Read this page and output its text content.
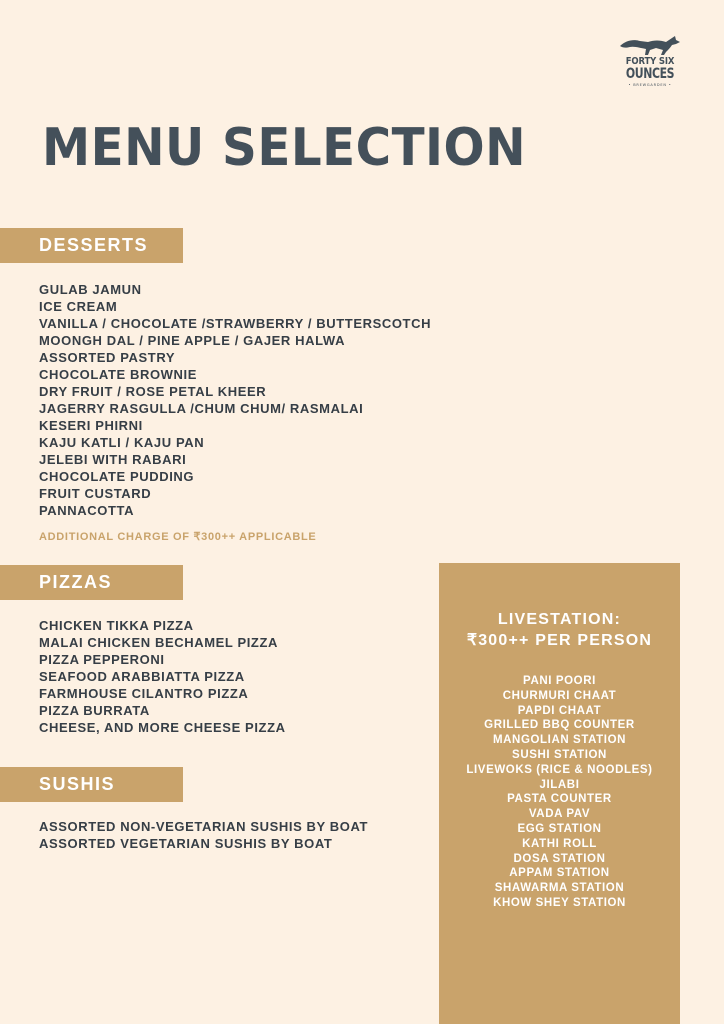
FORTY SIX
OUNCES
• BREWGARDEN •
MENU SELECTION
DESSERTS
GULAB JAMUN
ICE CREAM
VANILLA / CHOCOLATE /STRAWBERRY / BUTTERSCOTCH
MOONGH DAL / PINE APPLE / GAJER HALWA
ASSORTED PASTRY
CHOCOLATE BROWNIE
DRY FRUIT / ROSE PETAL KHEER
JAGERRY RASGULLA /CHUM CHUM/ RASMALAI
KESERI PHIRNI
KAJU KATLI / KAJU PAN
JELEBI WITH RABARI
CHOCOLATE PUDDING
FRUIT CUSTARD
PANNACOTTA
ADDITIONAL CHARGE OF ₹300++ APPLICABLE
PIZZAS
CHICKEN TIKKA PIZZA
MALAI CHICKEN BECHAMEL PIZZA
PIZZA PEPPERONI
SEAFOOD ARABBIATTA PIZZA
FARMHOUSE CILANTRO PIZZA
PIZZA BURRATA
CHEESE, AND MORE CHEESE PIZZA
SUSHIS
ASSORTED NON-VEGETARIAN SUSHIS BY BOAT
ASSORTED VEGETARIAN SUSHIS BY BOAT
LIVESTATION:
₹300++ PER PERSON
PANI POORI
CHURMURI CHAAT
PAPDI CHAAT
GRILLED BBQ COUNTER
MANGOLIAN STATION
SUSHI STATION
LIVEWOKS (RICE & NOODLES)
JILABI
PASTA COUNTER
VADA PAV
EGG STATION
KATHI ROLL
DOSA STATION
APPAM STATION
SHAWARMA STATION
KHOW SHEY STATION
